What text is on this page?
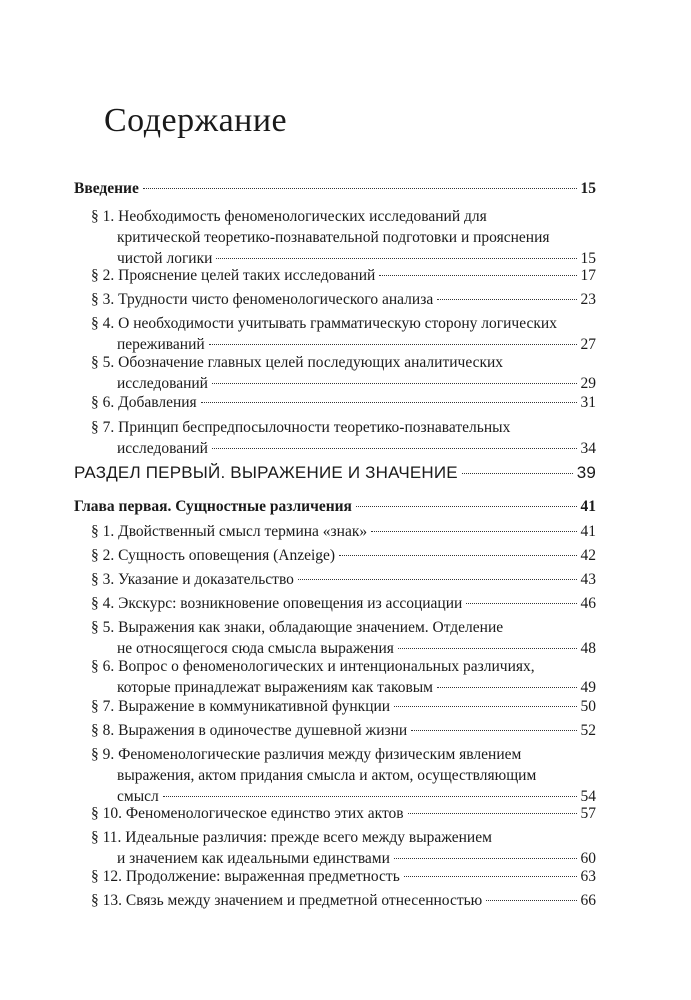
Содержание
Введение	15
§ 1. Необходимость феноменологических исследований для
критической теоретико-познавательной подготовки и прояснения
чистой логики	15
§ 2. Прояснение целей таких исследований	17
§ 3. Трудности чисто феноменологического анализа	23
§ 4. О необходимости учитывать грамматическую сторону логических
переживаний	27
§ 5. Обозначение главных целей последующих аналитических
исследований	29
§ 6. Добавления	31
§ 7. Принцип беспредпосылочности теоретико-познавательных
исследований	34
РАЗДЕЛ ПЕРВЫЙ. ВЫРАЖЕНИЕ И ЗНАЧЕНИЕ	39
Глава первая. Сущностные различения	41
§ 1. Двойственный смысл термина «знак»	41
§ 2. Сущность оповещения (Anzeige)	42
§ 3. Указание и доказательство	43
§ 4. Экскурс: возникновение оповещения из ассоциации	46
§ 5. Выражения как знаки, обладающие значением. Отделение
не относящегося сюда смысла выражения	48
§ 6. Вопрос о феноменологических и интенциональных различиях,
которые принадлежат выражениям как таковым	49
§ 7. Выражение в коммуникативной функции	50
§ 8. Выражения в одиночестве душевной жизни	52
§ 9. Феноменологические различия между физическим явлением
выражения, актом придания смысла и актом, осуществляющим
смысл	54
§ 10. Феноменологическое единство этих актов	57
§ 11. Идеальные различия: прежде всего между выражением
и значением как идеальными единствами	60
§ 12. Продолжение: выраженная предметность	63
§ 13. Связь между значением и предметной отнесенностью	66
